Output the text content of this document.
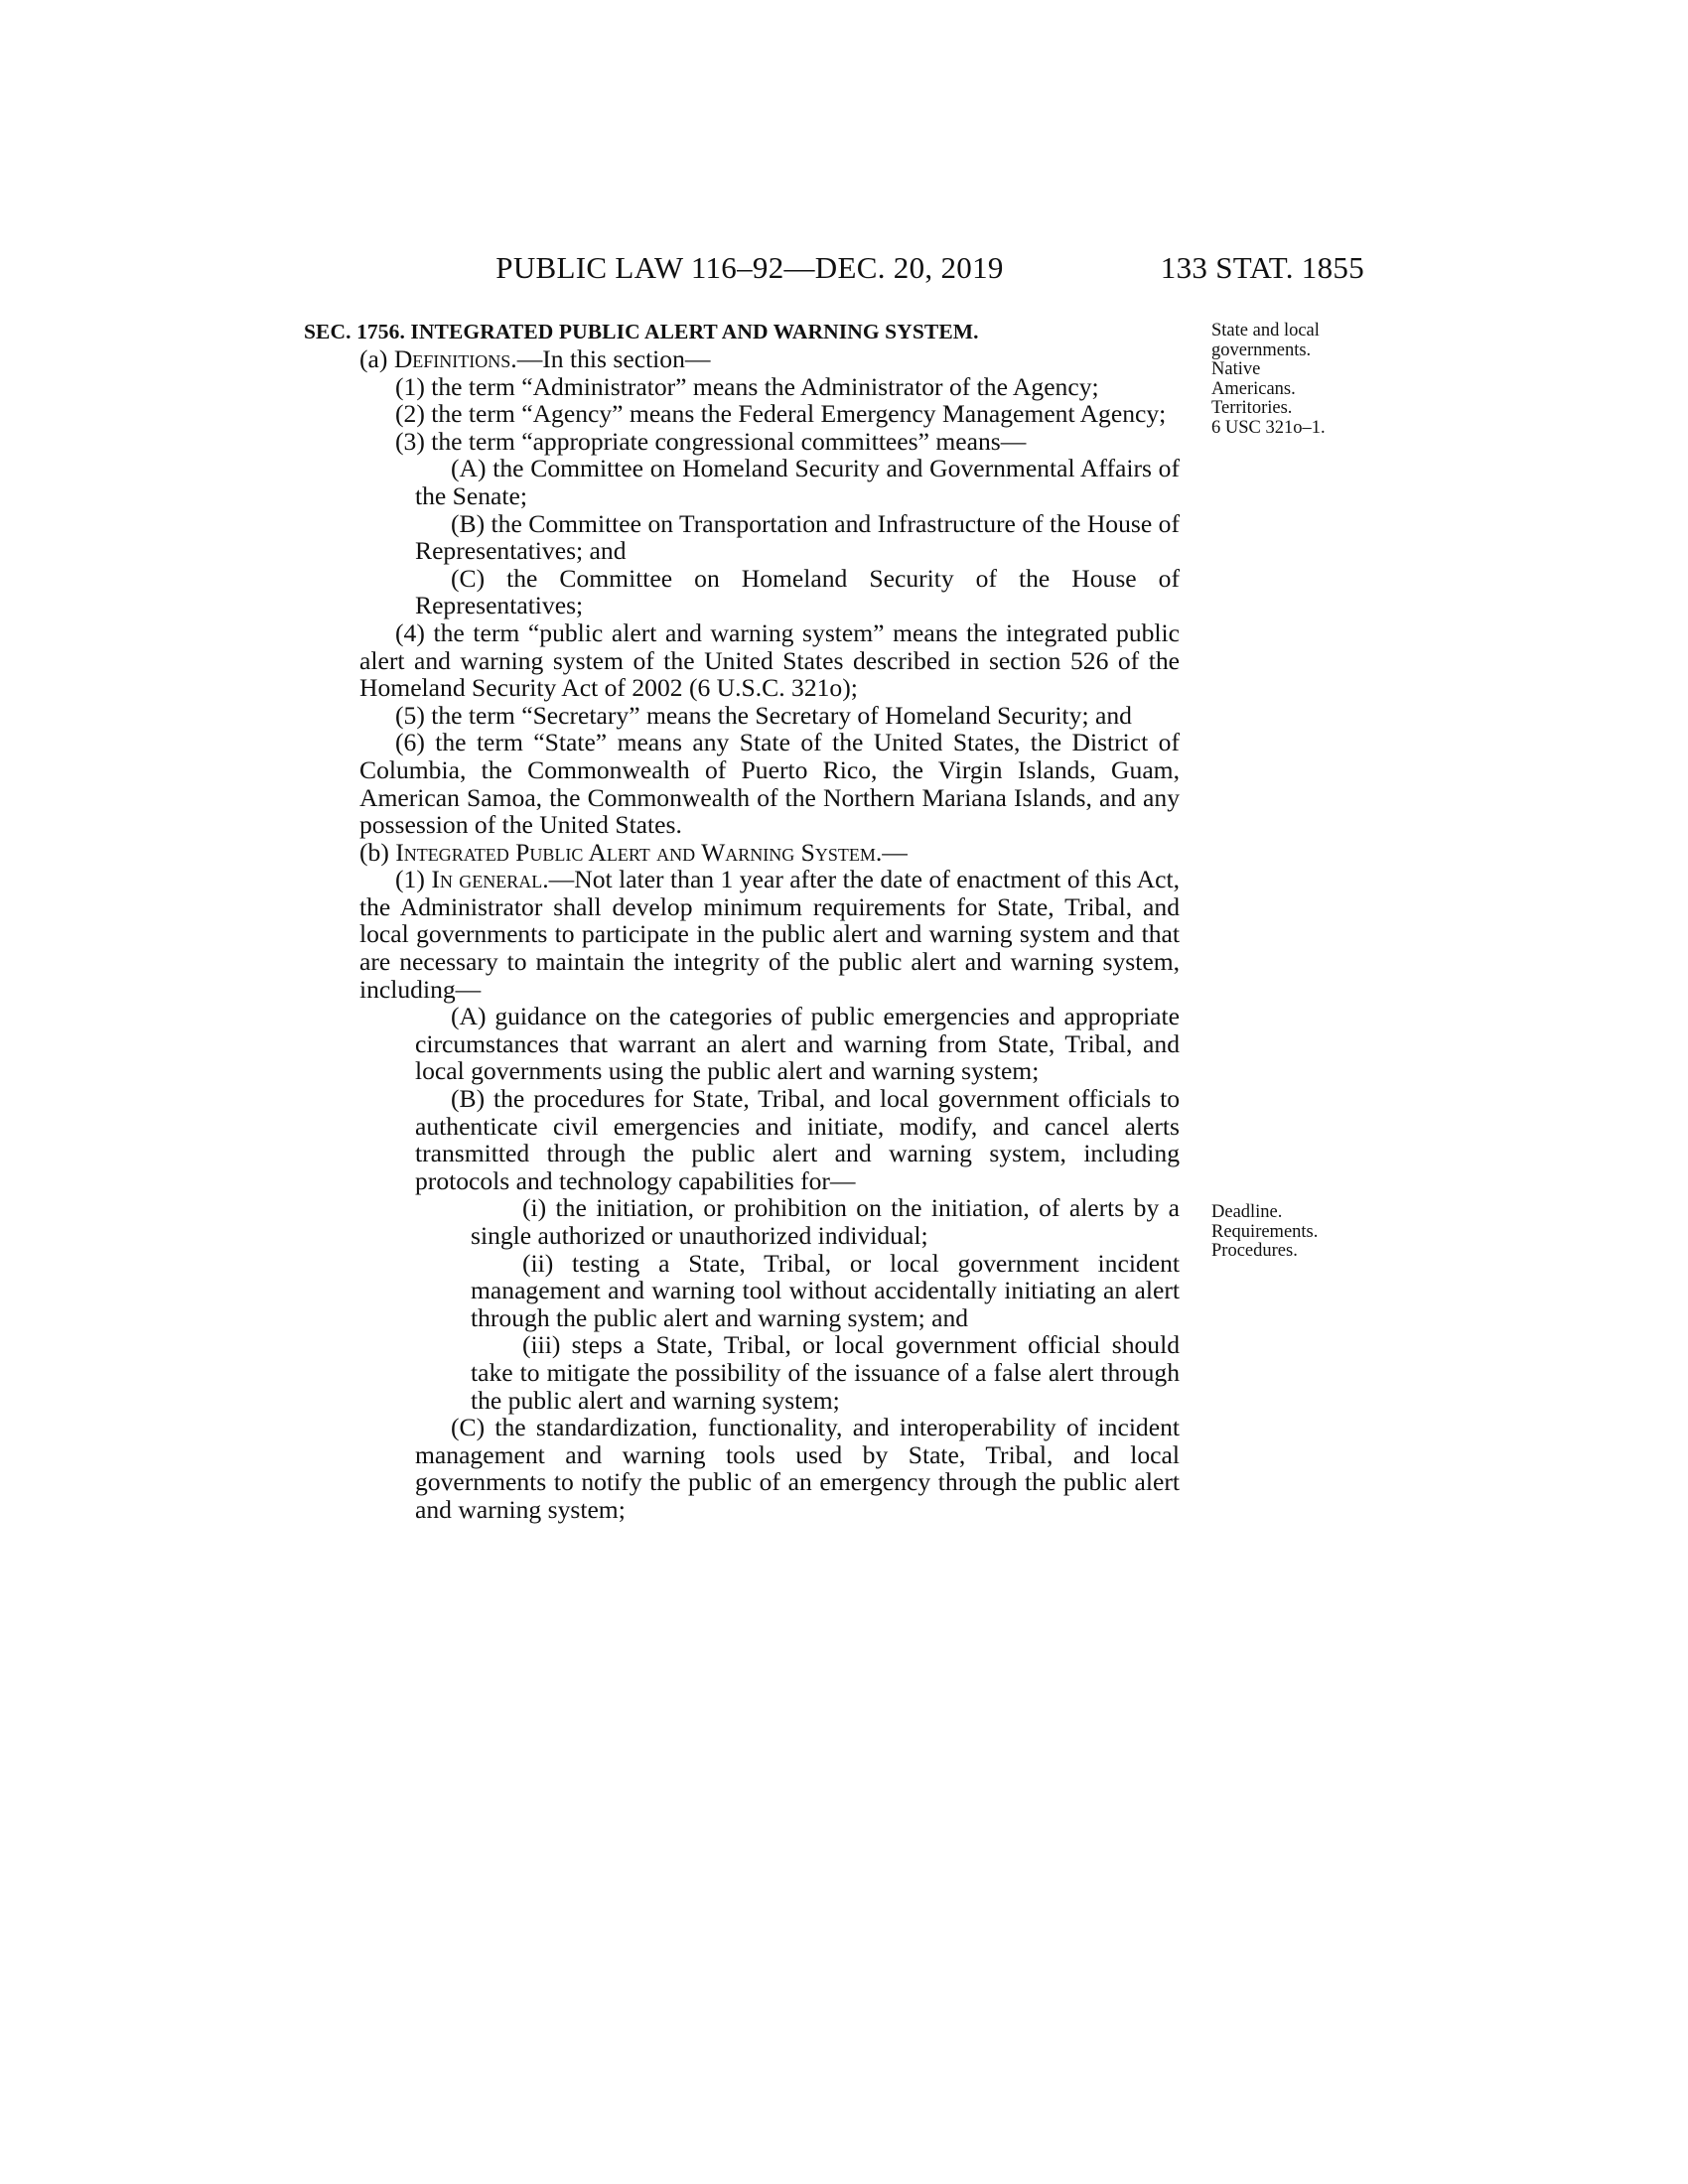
PUBLIC LAW 116–92—DEC. 20, 2019	133 STAT. 1855
SEC. 1756. INTEGRATED PUBLIC ALERT AND WARNING SYSTEM.	State and local
governments.
Native
Americans.
Territories.
6 USC 321o–1.
Deadline.
Requirements.
Procedures.

(a) Definitions.—In this section—

(1) the term “Administrator” means the Administrator of the Agency;

(2) the term “Agency” means the Federal Emergency Management Agency;

(3) the term “appropriate congressional committees” means—

(A) the Committee on Homeland Security and Governmental Affairs of the Senate;

(B) the Committee on Transportation and Infrastructure of the House of Representatives; and

(C) the Committee on Homeland Security of the House of Representatives;

(4) the term “public alert and warning system” means the integrated public alert and warning system of the United States described in section 526 of the Homeland Security Act of 2002 (6 U.S.C. 321o);

(5) the term “Secretary” means the Secretary of Homeland Security; and

(6) the term “State” means any State of the United States, the District of Columbia, the Commonwealth of Puerto Rico, the Virgin Islands, Guam, American Samoa, the Commonwealth of the Northern Mariana Islands, and any possession of the United States.

(b) Integrated Public Alert and Warning System.—

(1) In general.—Not later than 1 year after the date of enactment of this Act, the Administrator shall develop minimum requirements for State, Tribal, and local governments to participate in the public alert and warning system and that are necessary to maintain the integrity of the public alert and warning system, including—

(A) guidance on the categories of public emergencies and appropriate circumstances that warrant an alert and warning from State, Tribal, and local governments using the public alert and warning system;

(B) the procedures for State, Tribal, and local government officials to authenticate civil emergencies and initiate, modify, and cancel alerts transmitted through the public alert and warning system, including protocols and technology capabilities for—

(i) the initiation, or prohibition on the initiation, of alerts by a single authorized or unauthorized individual;

(ii) testing a State, Tribal, or local government incident management and warning tool without accidentally initiating an alert through the public alert and warning system; and

(iii) steps a State, Tribal, or local government official should take to mitigate the possibility of the issuance of a false alert through the public alert and warning system;

(C) the standardization, functionality, and interoperability of incident management and warning tools used by State, Tribal, and local governments to notify the public of an emergency through the public alert and warning system;
